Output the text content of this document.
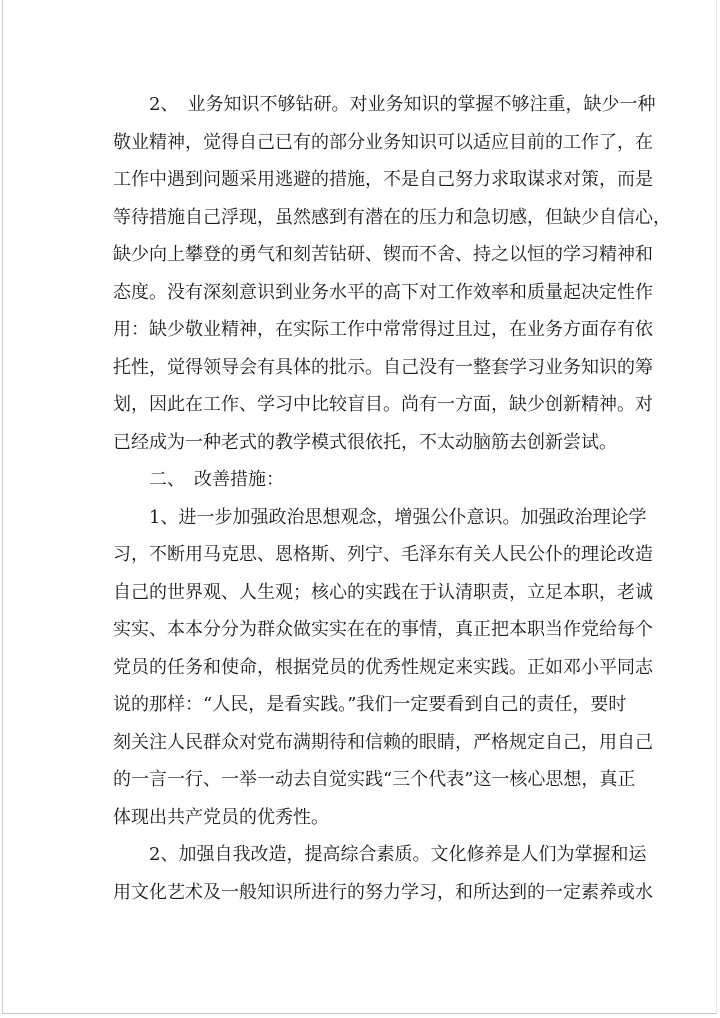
　　2、　业务知识不够钻研。对业务知识的掌握不够注重，缺少一种
敬业精神，觉得自己已有的部分业务知识可以适应目前的工作了，在
工作中遇到问题采用逃避的措施，不是自己努力求取谋求对策，而是
等待措施自己浮现，虽然感到有潜在的压力和急切感，但缺少自信心，
缺少向上攀登的勇气和刻苦钻研、锲而不舍、持之以恒的学习精神和
态度。没有深刻意识到业务水平的高下对工作效率和质量起决定性作
用：缺少敬业精神，在实际工作中常常得过且过，在业务方面存有依
托性，觉得领导会有具体的批示。自己没有一整套学习业务知识的筹
划，因此在工作、学习中比较盲目。尚有一方面，缺少创新精神。对
已经成为一种老式的教学模式很依托，不太动脑筋去创新尝试。
　　二、　改善措施：
　　1、进一步加强政治思想观念，增强公仆意识。加强政治理论学
习，不断用马克思、恩格斯、列宁、毛泽东有关人民公仆的理论改造
自己的世界观、人生观；核心的实践在于认清职责，立足本职，老诚
实实、本本分分为群众做实实在在的事情，真正把本职当作党给每个
党员的任务和使命，根据党员的优秀性规定来实践。正如邓小平同志
说的那样：“人民，是看实践。”我们一定要看到自己的责任，要时
刻关注人民群众对党布满期待和信赖的眼睛，严格规定自己，用自己
的一言一行、一举一动去自觉实践“三个代表”这一核心思想，真正
体现出共产党员的优秀性。
　　2、加强自我改造，提高综合素质。文化修养是人们为掌握和运
用文化艺术及一般知识所进行的努力学习，和所达到的一定素养或水
